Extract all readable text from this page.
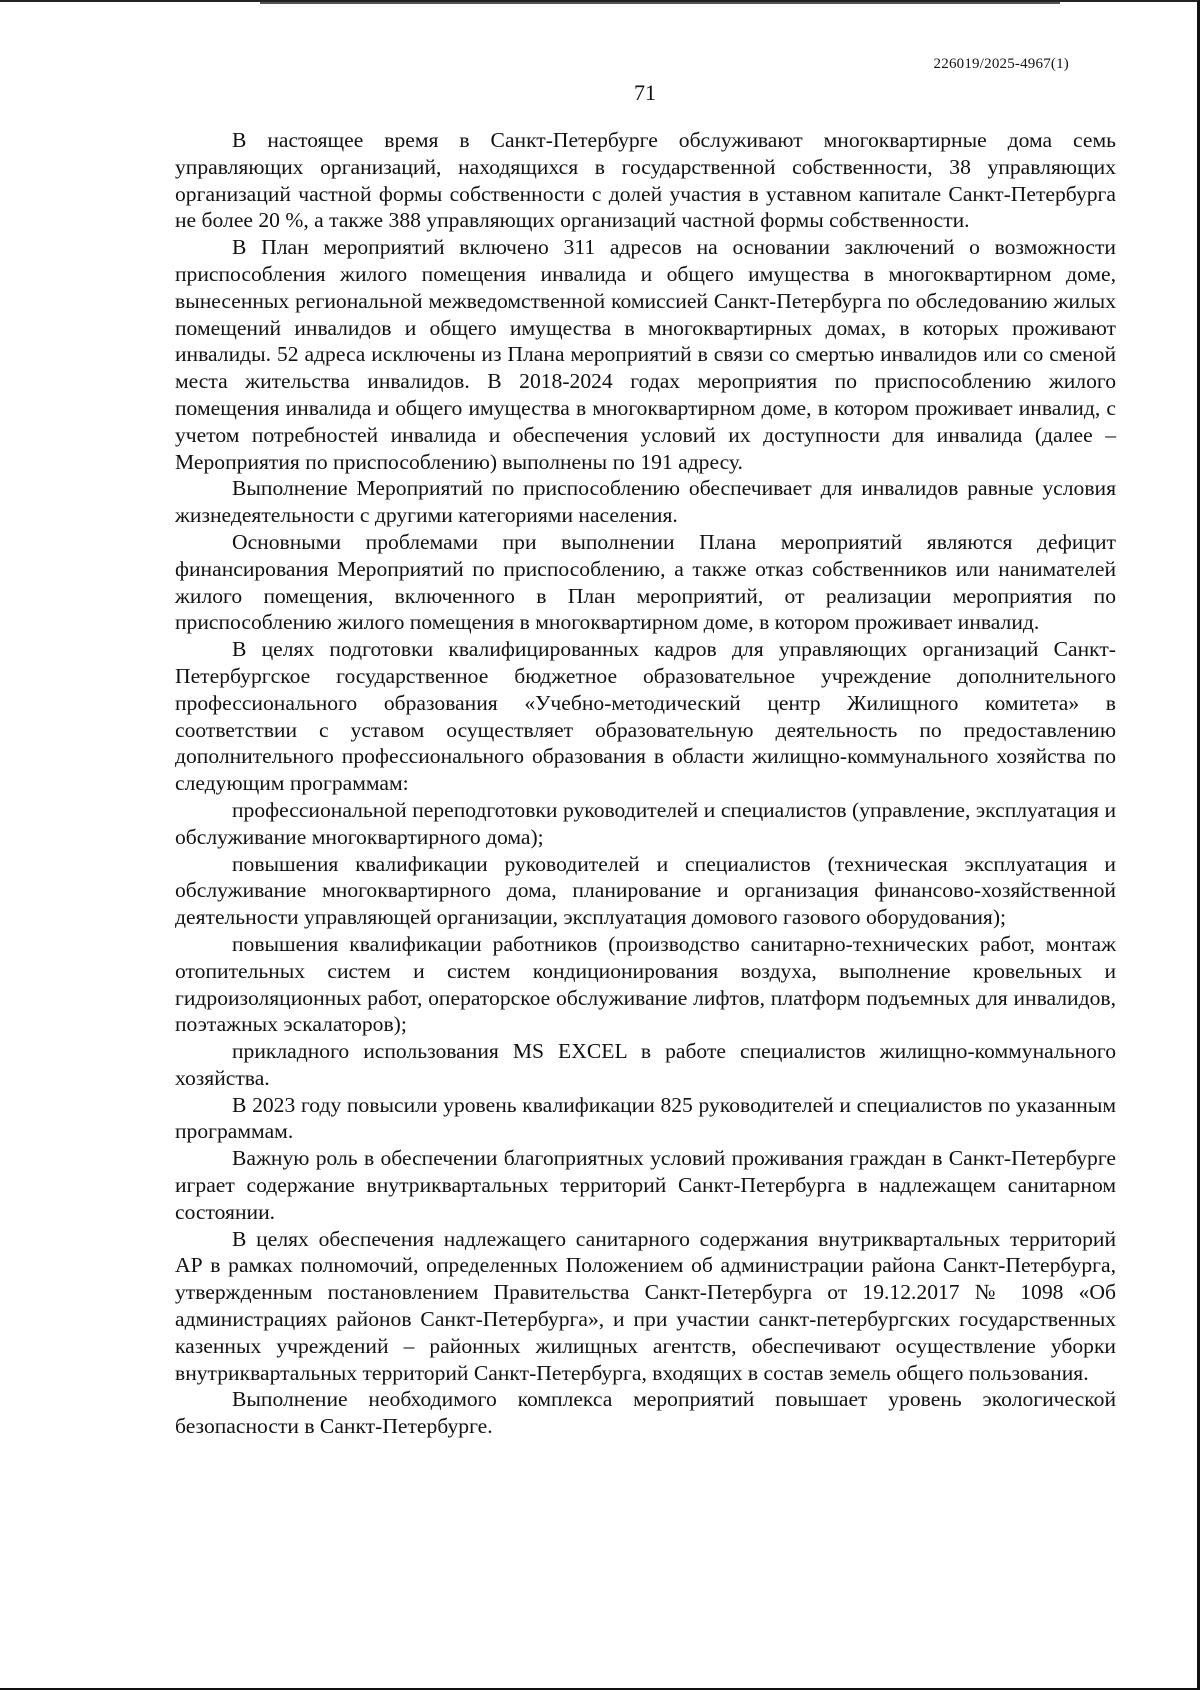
226019/2025-4967(1)
71

В настоящее время в Санкт-Петербурге обслуживают многоквартирные дома семь управляющих организаций, находящихся в государственной собственности, 38 управляющих организаций частной формы собственности с долей участия в уставном капитале Санкт-Петербурга не более 20 %, а также 388 управляющих организаций частной формы собственности.

В План мероприятий включено 311 адресов на основании заключений о возможности приспособления жилого помещения инвалида и общего имущества в многоквартирном доме, вынесенных региональной межведомственной комиссией Санкт-Петербурга по обследованию жилых помещений инвалидов и общего имущества в многоквартирных домах, в которых проживают инвалиды. 52 адреса исключены из Плана мероприятий в связи со смертью инвалидов или со сменой места жительства инвалидов. В 2018-2024 годах мероприятия по приспособлению жилого помещения инвалида и общего имущества в многоквартирном доме, в котором проживает инвалид, с учетом потребностей инвалида и обеспечения условий их доступности для инвалида (далее – Мероприятия по приспособлению) выполнены по 191 адресу.

Выполнение Мероприятий по приспособлению обеспечивает для инвалидов равные условия жизнедеятельности с другими категориями населения.

Основными проблемами при выполнении Плана мероприятий являются дефицит финансирования Мероприятий по приспособлению, а также отказ собственников или нанимателей жилого помещения, включенного в План мероприятий, от реализации мероприятия по приспособлению жилого помещения в многоквартирном доме, в котором проживает инвалид.

В целях подготовки квалифицированных кадров для управляющих организаций Санкт-Петербургское государственное бюджетное образовательное учреждение дополнительного профессионального образования «Учебно-методический центр Жилищного комитета» в соответствии с уставом осуществляет образовательную деятельность по предоставлению дополнительного профессионального образования в области жилищно-коммунального хозяйства по следующим программам:

профессиональной переподготовки руководителей и специалистов (управление, эксплуатация и обслуживание многоквартирного дома);

повышения квалификации руководителей и специалистов (техническая эксплуатация и обслуживание многоквартирного дома, планирование и организация финансово-хозяйственной деятельности управляющей организации, эксплуатация домового газового оборудования);

повышения квалификации работников (производство санитарно-технических работ, монтаж отопительных систем и систем кондиционирования воздуха, выполнение кровельных и гидроизоляционных работ, операторское обслуживание лифтов, платформ подъемных для инвалидов, поэтажных эскалаторов);

прикладного использования MS EXCEL в работе специалистов жилищно-коммунального хозяйства.

В 2023 году повысили уровень квалификации 825 руководителей и специалистов по указанным программам.

Важную роль в обеспечении благоприятных условий проживания граждан в Санкт-Петербурге играет содержание внутриквартальных территорий Санкт-Петербурга в надлежащем санитарном состоянии.

В целях обеспечения надлежащего санитарного содержания внутриквартальных территорий АР в рамках полномочий, определенных Положением об администрации района Санкт-Петербурга, утвержденным постановлением Правительства Санкт-Петербурга от 19.12.2017 № 1098 «Об администрациях районов Санкт-Петербурга», и при участии санкт-петербургских государственных казенных учреждений – районных жилищных агентств, обеспечивают осуществление уборки внутриквартальных территорий Санкт-Петербурга, входящих в состав земель общего пользования.

Выполнение необходимого комплекса мероприятий повышает уровень экологической безопасности в Санкт-Петербурге.
